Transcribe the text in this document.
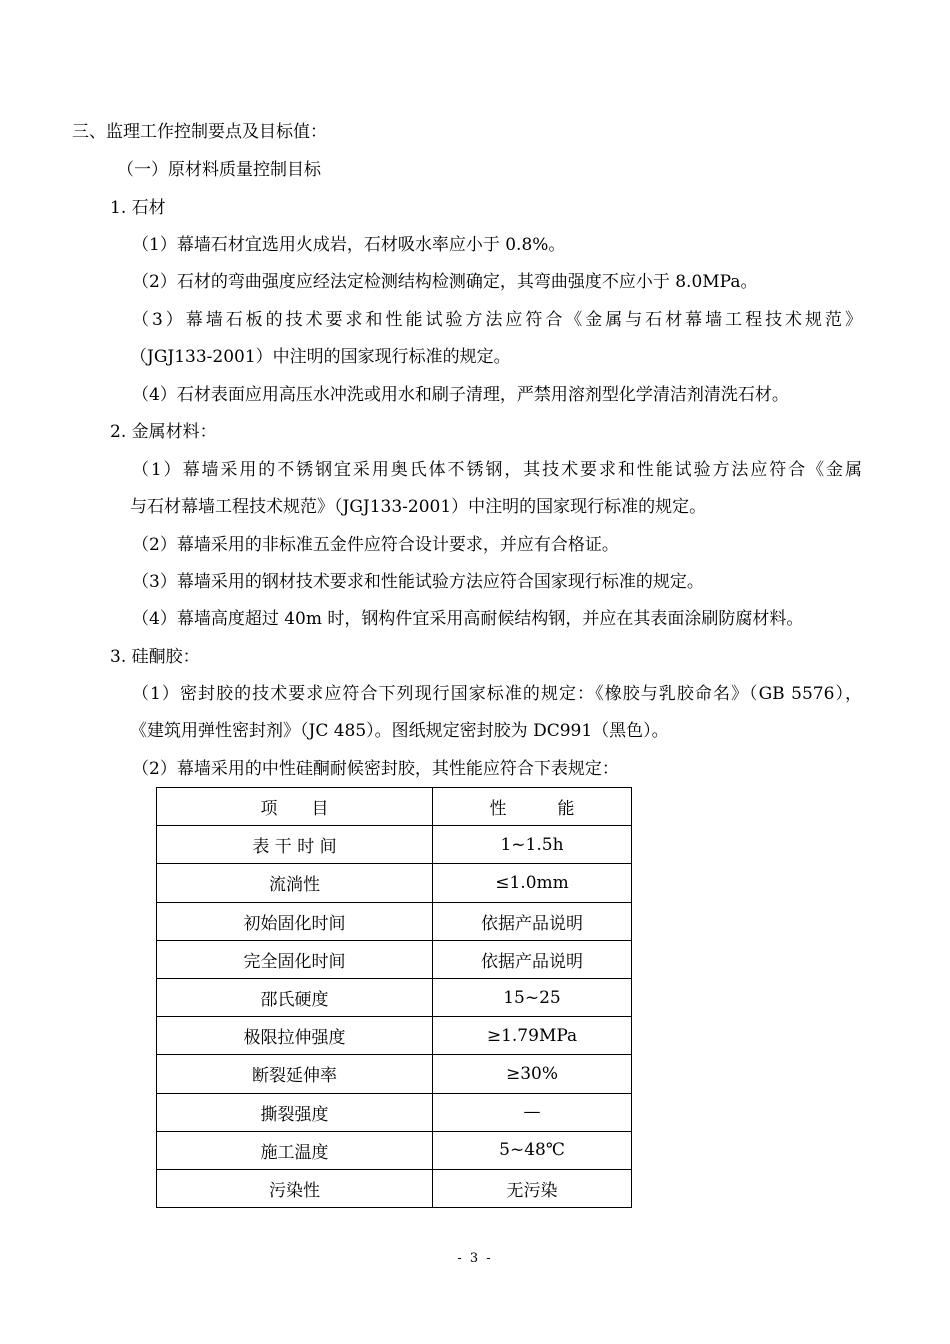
三、监理工作控制要点及目标值：
（一）原材料质量控制目标
1. 石材
（1）幕墙石材宜选用火成岩，石材吸水率应小于 0.8%。
（2）石材的弯曲强度应经法定检测结构检测确定，其弯曲强度不应小于 8.0MPa。
（3）幕墙石板的技术要求和性能试验方法应符合《金属与石材幕墙工程技术规范》
（JGJ133-2001）中注明的国家现行标准的规定。
（4）石材表面应用高压水冲洗或用水和刷子清理，严禁用溶剂型化学清洁剂清洗石材。
2. 金属材料：
（1）幕墙采用的不锈钢宜采用奥氏体不锈钢，其技术要求和性能试验方法应符合《金属
与石材幕墙工程技术规范》（JGJ133-2001）中注明的国家现行标准的规定。
（2）幕墙采用的非标准五金件应符合设计要求，并应有合格证。
（3）幕墙采用的钢材技术要求和性能试验方法应符合国家现行标准的规定。
（4）幕墙高度超过 40m 时，钢构件宜采用高耐候结构钢，并应在其表面涂刷防腐材料。
3. 硅酮胶：
（1）密封胶的技术要求应符合下列现行国家标准的规定：《橡胶与乳胶命名》（GB 5576），
《建筑用弹性密封剂》（JC 485）。图纸规定密封胶为 DC991（黑色）。
（2）幕墙采用的中性硅酮耐候密封胶，其性能应符合下表规定：
项　　目	性　　　能
表 干 时 间	1~1.5h
流淌性	≤1.0mm
初始固化时间	依据产品说明
完全固化时间	依据产品说明
邵氏硬度	15~25
极限拉伸强度	≥1.79MPa
断裂延伸率	≥30%
撕裂强度	—
施工温度	5~48℃
污染性	无污染
- 3 -
